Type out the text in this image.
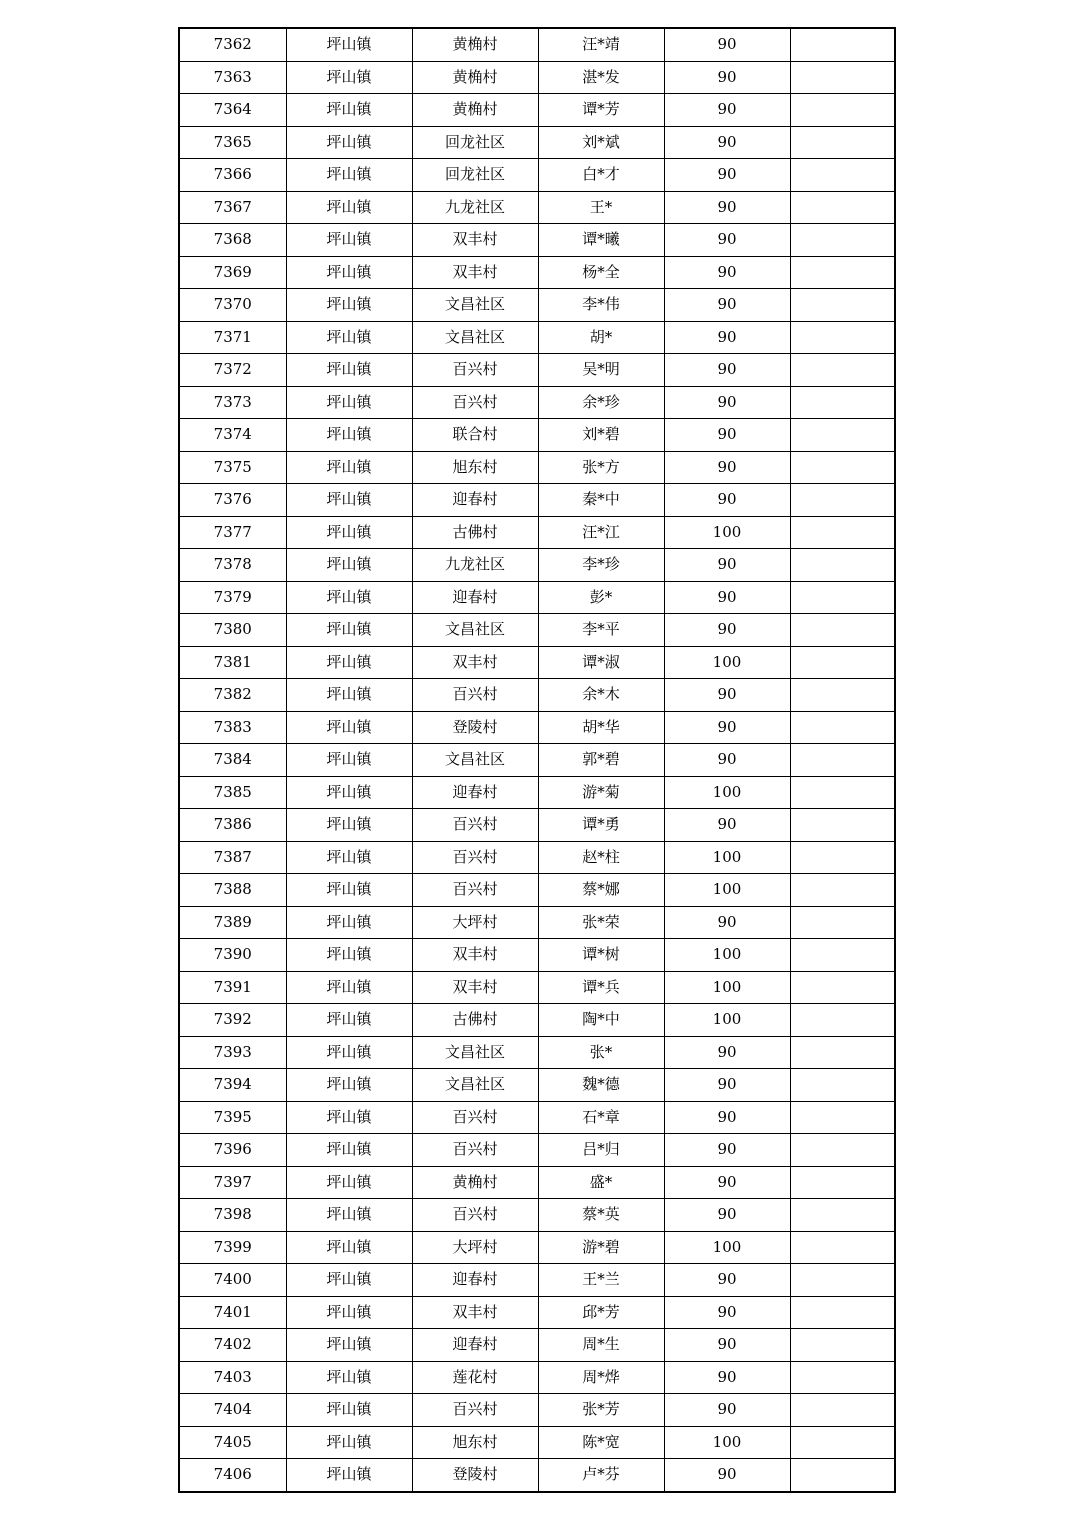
7362	坪山镇	黄桷村	汪*靖	90	
7363	坪山镇	黄桷村	湛*发	90	
7364	坪山镇	黄桷村	谭*芳	90	
7365	坪山镇	回龙社区	刘*斌	90	
7366	坪山镇	回龙社区	白*才	90	
7367	坪山镇	九龙社区	王*	90	
7368	坪山镇	双丰村	谭*曦	90	
7369	坪山镇	双丰村	杨*全	90	
7370	坪山镇	文昌社区	李*伟	90	
7371	坪山镇	文昌社区	胡*	90	
7372	坪山镇	百兴村	吴*明	90	
7373	坪山镇	百兴村	余*珍	90	
7374	坪山镇	联合村	刘*碧	90	
7375	坪山镇	旭东村	张*方	90	
7376	坪山镇	迎春村	秦*中	90	
7377	坪山镇	古佛村	汪*江	100	
7378	坪山镇	九龙社区	李*珍	90	
7379	坪山镇	迎春村	彭*	90	
7380	坪山镇	文昌社区	李*平	90	
7381	坪山镇	双丰村	谭*淑	100	
7382	坪山镇	百兴村	余*木	90	
7383	坪山镇	登陵村	胡*华	90	
7384	坪山镇	文昌社区	郭*碧	90	
7385	坪山镇	迎春村	游*菊	100	
7386	坪山镇	百兴村	谭*勇	90	
7387	坪山镇	百兴村	赵*柱	100	
7388	坪山镇	百兴村	蔡*娜	100	
7389	坪山镇	大坪村	张*荣	90	
7390	坪山镇	双丰村	谭*树	100	
7391	坪山镇	双丰村	谭*兵	100	
7392	坪山镇	古佛村	陶*中	100	
7393	坪山镇	文昌社区	张*	90	
7394	坪山镇	文昌社区	魏*德	90	
7395	坪山镇	百兴村	石*章	90	
7396	坪山镇	百兴村	吕*归	90	
7397	坪山镇	黄桷村	盛*	90	
7398	坪山镇	百兴村	蔡*英	90	
7399	坪山镇	大坪村	游*碧	100	
7400	坪山镇	迎春村	王*兰	90	
7401	坪山镇	双丰村	邱*芳	90	
7402	坪山镇	迎春村	周*生	90	
7403	坪山镇	莲花村	周*烨	90	
7404	坪山镇	百兴村	张*芳	90	
7405	坪山镇	旭东村	陈*宽	100	
7406	坪山镇	登陵村	卢*芬	90	
